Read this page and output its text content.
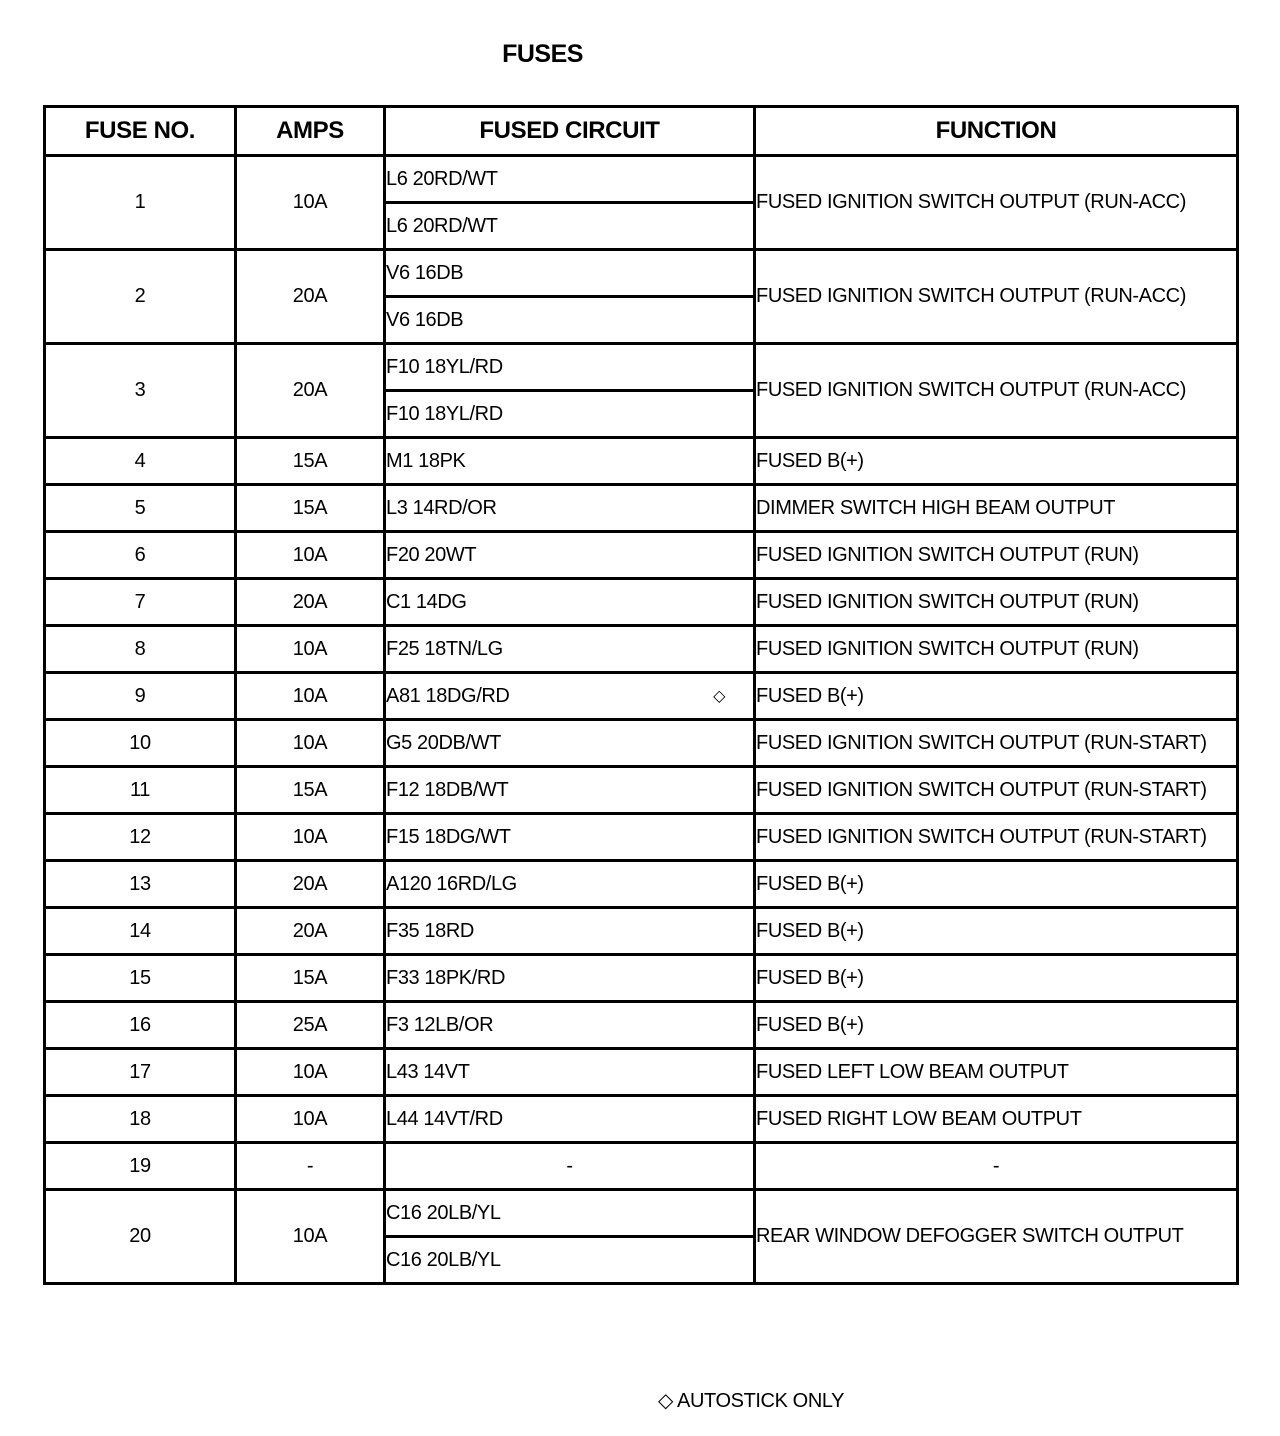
FUSES
FUSE NO.	AMPS	FUSED CIRCUIT	FUNCTION
1	10A	L6 20RD/WT	FUSED IGNITION SWITCH OUTPUT (RUN-ACC)
		L6 20RD/WT	
2	20A	V6 16DB	FUSED IGNITION SWITCH OUTPUT (RUN-ACC)
		V6 16DB	
3	20A	F10 18YL/RD	FUSED IGNITION SWITCH OUTPUT (RUN-ACC)
		F10 18YL/RD	
4	15A	M1 18PK	FUSED B(+)
5	15A	L3 14RD/OR	DIMMER SWITCH HIGH BEAM OUTPUT
6	10A	F20 20WT	FUSED IGNITION SWITCH OUTPUT (RUN)
7	20A	C1 14DG	FUSED IGNITION SWITCH OUTPUT (RUN)
8	10A	F25 18TN/LG	FUSED IGNITION SWITCH OUTPUT (RUN)
9	10A	A81 18DG/RD ◇	FUSED B(+)
10	10A	G5 20DB/WT	FUSED IGNITION SWITCH OUTPUT (RUN-START)
11	15A	F12 18DB/WT	FUSED IGNITION SWITCH OUTPUT (RUN-START)
12	10A	F15 18DG/WT	FUSED IGNITION SWITCH OUTPUT (RUN-START)
13	20A	A120 16RD/LG	FUSED B(+)
14	20A	F35 18RD	FUSED B(+)
15	15A	F33 18PK/RD	FUSED B(+)
16	25A	F3 12LB/OR	FUSED B(+)
17	10A	L43 14VT	FUSED LEFT LOW BEAM OUTPUT
18	10A	L44 14VT/RD	FUSED RIGHT LOW BEAM OUTPUT
19	-	-	-
20	10A	C16 20LB/YL	REAR WINDOW DEFOGGER SWITCH OUTPUT
		C16 20LB/YL	
◇ AUTOSTICK ONLY
